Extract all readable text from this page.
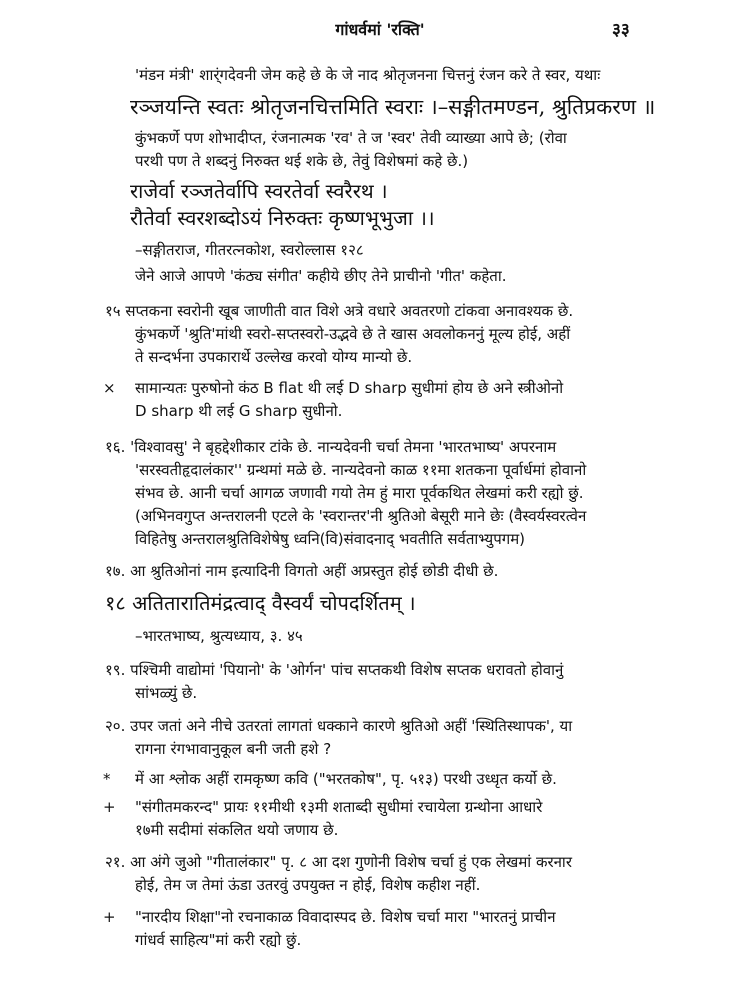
गांधर्वमां 'रक्ति'	३३
'मंडन मंत्री' शार्ंगदेवनी जेम कहे छे के जे नाद श्रोतृजनना चित्तनुं रंजन करे ते स्वर, यथाः
रञ्जयन्ति स्वतः श्रोतृजनचित्तमिति स्वराः ।–सङ्गीतमण्डन, श्रुतिप्रकरण ॥
कुंभकर्णे पण शोभादीप्त, रंजनात्मक 'रव' ते ज 'स्वर' तेवी व्याख्या आपे छे; (रोवा
परथी पण ते शब्दनुं निरुक्त थई शके छे, तेवुं विशेषमां कहे छे.)
राजेर्वा रञ्जतेर्वापि स्वरतेर्वा स्वरैरथ ।
रौतेर्वा स्वरशब्दोऽयं निरुक्तः कृष्णभूभुजा ।।
–सङ्गीतराज, गीतरत्नकोश, स्वरोल्लास १२८
जेने आजे आपणे 'कंठ्य संगीत' कहीये छीए तेने प्राचीनो 'गीत' कहेता.
१५ सप्तकना स्वरोनी खूब जाणीती वात विशे अत्रे वधारे अवतरणो टांकवा अनावश्यक छे.
कुंभकर्णे 'श्रुति'मांथी स्वरो-सप्तस्वरो-उद्भवे छे ते खास अवलोकननुं मूल्य होई, अहीं
ते सन्दर्भना उपकारार्थे उल्लेख करवो योग्य मान्यो छे.
× सामान्यतः पुरुषोनो कंठ B flat थी लई D sharp सुधीमां होय छे अने स्त्रीओनो
D sharp थी लई G sharp सुधीनो.
१६. 'विश्वावसु' ने बृहद्देशीकार टांके छे. नान्यदेवनी चर्चा तेमना 'भारतभाष्य' अपरनाम
'सरस्वतीहृदालंकार'' ग्रन्थमां मळे छे. नान्यदेवनो काळ ११मा शतकना पूर्वार्धमां होवानो
संभव छे. आनी चर्चा आगळ जणावी गयो तेम हुं मारा पूर्वकथित लेखमां करी रह्यो छुं.
(अभिनवगुप्त अन्तरालनी एटले के 'स्वरान्तर'नी श्रुतिओ बेसूरी माने छेः (वैस्वर्यस्वरत्वेन
विहितेषु अन्तरालश्रुतिविशेषेषु ध्वनि(वि)संवादनाद् भवतीति सर्वताभ्युपगम)
१७. आ श्रुतिओनां नाम इत्यादिनी विगतो अहीं अप्रस्तुत होई छोडी दीधी छे.
१८ अतितारातिमंद्रत्वाद् वैस्वर्यं चोपदर्शितम् ।
–भारतभाष्य, श्रुत्यध्याय, ३. ४५
१९. पश्चिमी वाद्योमां 'पियानो' के 'ओर्गन' पांच सप्तकथी विशेष सप्तक धरावतो होवानुं
सांभळ्युं छे.
२०. उपर जतां अने नीचे उतरतां लागतां धक्काने कारणे श्रुतिओ अहीं 'स्थितिस्थापक', या
रागना रंगभावानुकूल बनी जती हशे ?
* में आ श्लोक अहीं रामकृष्ण कवि ("भरतकोष", पृ. ५१३) परथी उध्धृत कर्यो छे.
+ "संगीतमकरन्द" प्रायः ११मीथी १३मी शताब्दी सुधीमां रचायेला ग्रन्थोना आधारे
१७मी सदीमां संकलित थयो जणाय छे.
२१. आ अंगे जुओ "गीतालंकार" पृ. ८ आ दश गुणोनी विशेष चर्चा हुं एक लेखमां करनार
होई, तेम ज तेमां ऊंडा उतरवुं उपयुक्त न होई, विशेष कहीश नहीं.
+ "नारदीय शिक्षा"नो रचनाकाळ विवादास्पद छे. विशेष चर्चा मारा "भारतनुं प्राचीन
गांधर्व साहित्य"मां करी रह्यो छुं.
